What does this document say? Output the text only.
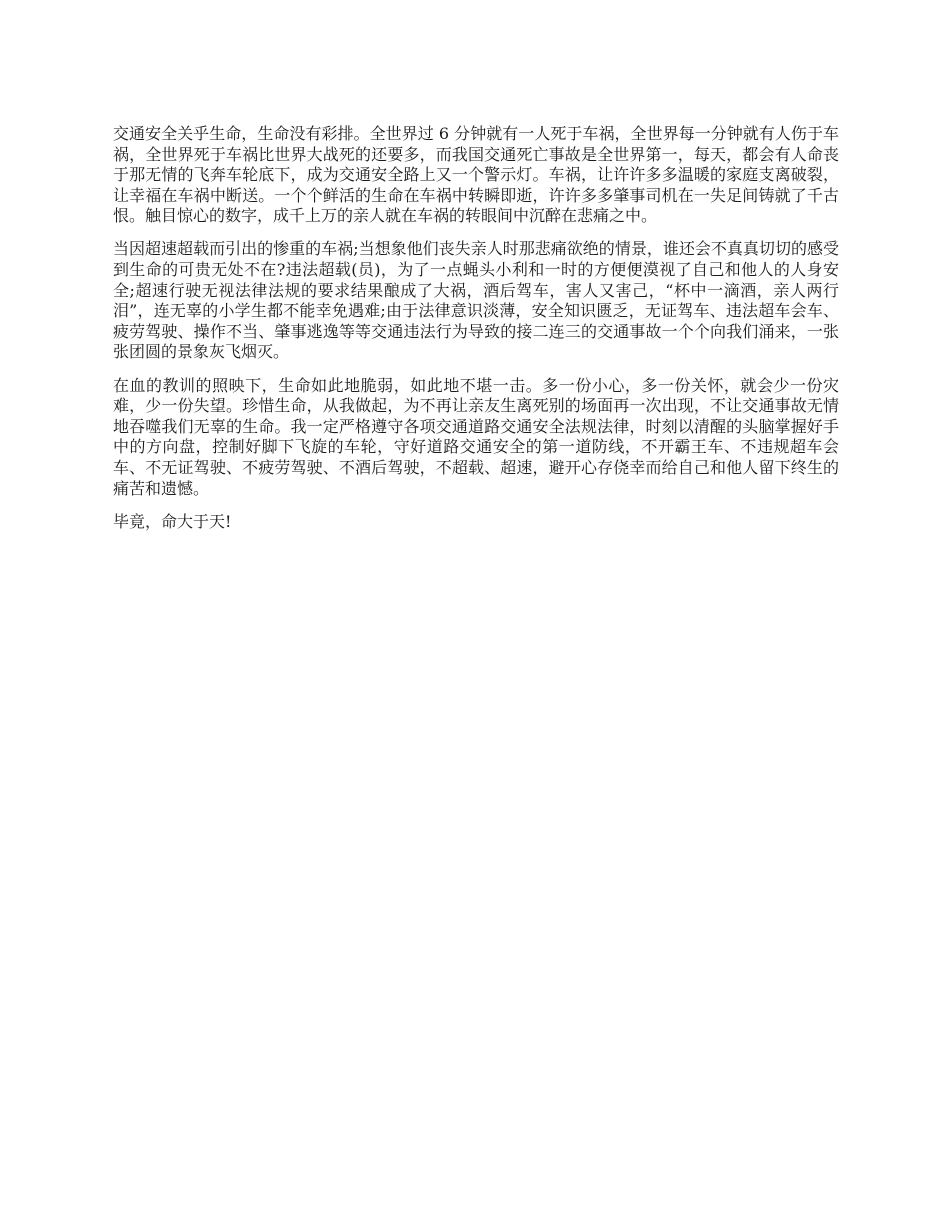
交通安全关乎生命，生命没有彩排。全世界过 6 分钟就有一人死于车祸，全世界每一分钟就有人伤于车祸，全世界死于车祸比世界大战死的还要多，而我国交通死亡事故是全世界第一，每天，都会有人命丧于那无情的飞奔车轮底下，成为交通安全路上又一个警示灯。车祸，让许许多多温暖的家庭支离破裂，让幸福在车祸中断送。一个个鲜活的生命在车祸中转瞬即逝，许许多多肇事司机在一失足间铸就了千古恨。触目惊心的数字，成千上万的亲人就在车祸的转眼间中沉醉在悲痛之中。

当因超速超载而引出的惨重的车祸;当想象他们丧失亲人时那悲痛欲绝的情景，谁还会不真真切切的感受到生命的可贵无处不在?违法超载(员)，为了一点蝇头小利和一时的方便便漠视了自己和他人的人身安全;超速行驶无视法律法规的要求结果酿成了大祸，酒后驾车，害人又害己，“杯中一滴酒，亲人两行泪”，连无辜的小学生都不能幸免遇难;由于法律意识淡薄，安全知识匮乏，无证驾车、违法超车会车、疲劳驾驶、操作不当、肇事逃逸等等交通违法行为导致的接二连三的交通事故一个个向我们涌来，一张张团圆的景象灰飞烟灭。

在血的教训的照映下，生命如此地脆弱，如此地不堪一击。多一份小心，多一份关怀，就会少一份灾难，少一份失望。珍惜生命，从我做起，为不再让亲友生离死别的场面再一次出现，不让交通事故无情地吞噬我们无辜的生命。我一定严格遵守各项交通道路交通安全法规法律，时刻以清醒的头脑掌握好手中的方向盘，控制好脚下飞旋的车轮，守好道路交通安全的第一道防线，不开霸王车、不违规超车会车、不无证驾驶、不疲劳驾驶、不酒后驾驶，不超载、超速，避开心存侥幸而给自己和他人留下终生的痛苦和遗憾。

毕竟，命大于天!
